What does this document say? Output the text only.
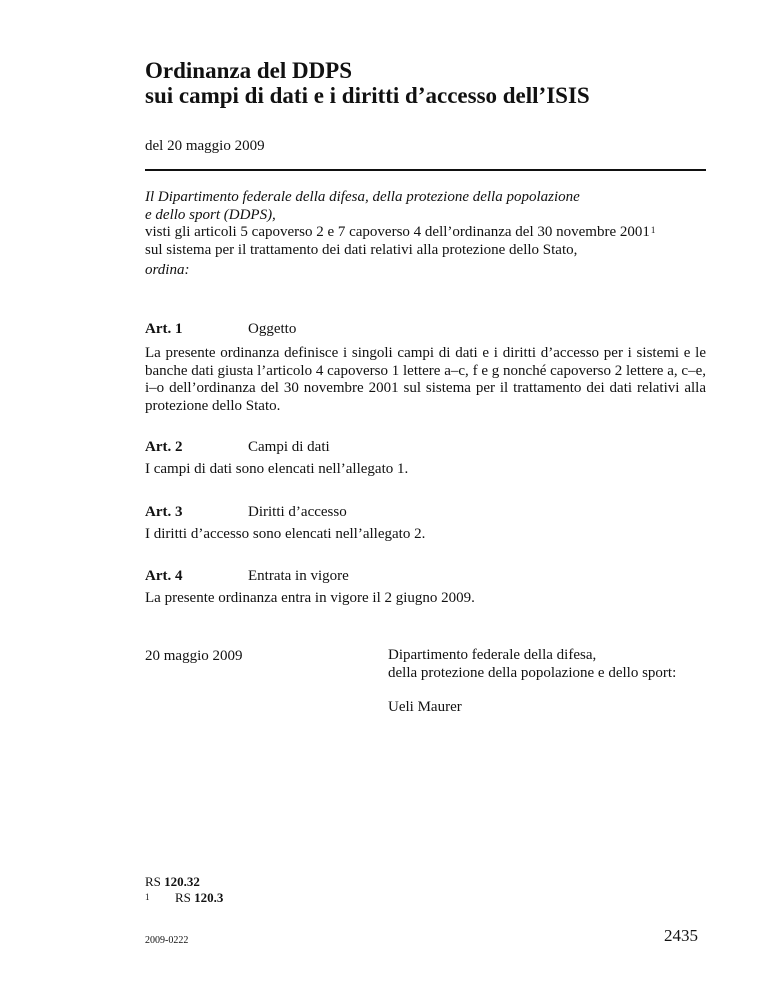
Ordinanza del DDPS
sui campi di dati e i diritti d’accesso dell’ISIS
del 20 maggio 2009

Il Dipartimento federale della difesa, della protezione della popolazione

e dello sport (DDPS),

visti gli articoli 5 capoverso 2 e 7 capoverso 4 dell’ordinanza del 30 novembre 2001$^1$

sul sistema per il trattamento dei dati relativi alla protezione dello Stato,

ordina:

Art. 1	Oggetto
La presente ordinanza definisce i singoli campi di dati e i diritti d’accesso per i sistemi e le banche dati giusta l’articolo 4 capoverso 1 lettere a–c, f e g nonché capoverso 2 lettere a, c–e, i–o dell’ordinanza del 30 novembre 2001 sul sistema per il trattamento dei dati relativi alla protezione dello Stato.
Art. 2	Campi di dati
I campi di dati sono elencati nell’allegato 1.
Art. 3	Diritti d’accesso
I diritti d’accesso sono elencati nell’allegato 2.
Art. 4	Entrata in vigore
La presente ordinanza entra in vigore il 2 giugno 2009.
20 maggio 2009	Dipartimento federale della difesa,
della protezione della popolazione e dello sport:
Ueli Maurer
RS 120.32
1 RS 120.3
2009-0222	2435
